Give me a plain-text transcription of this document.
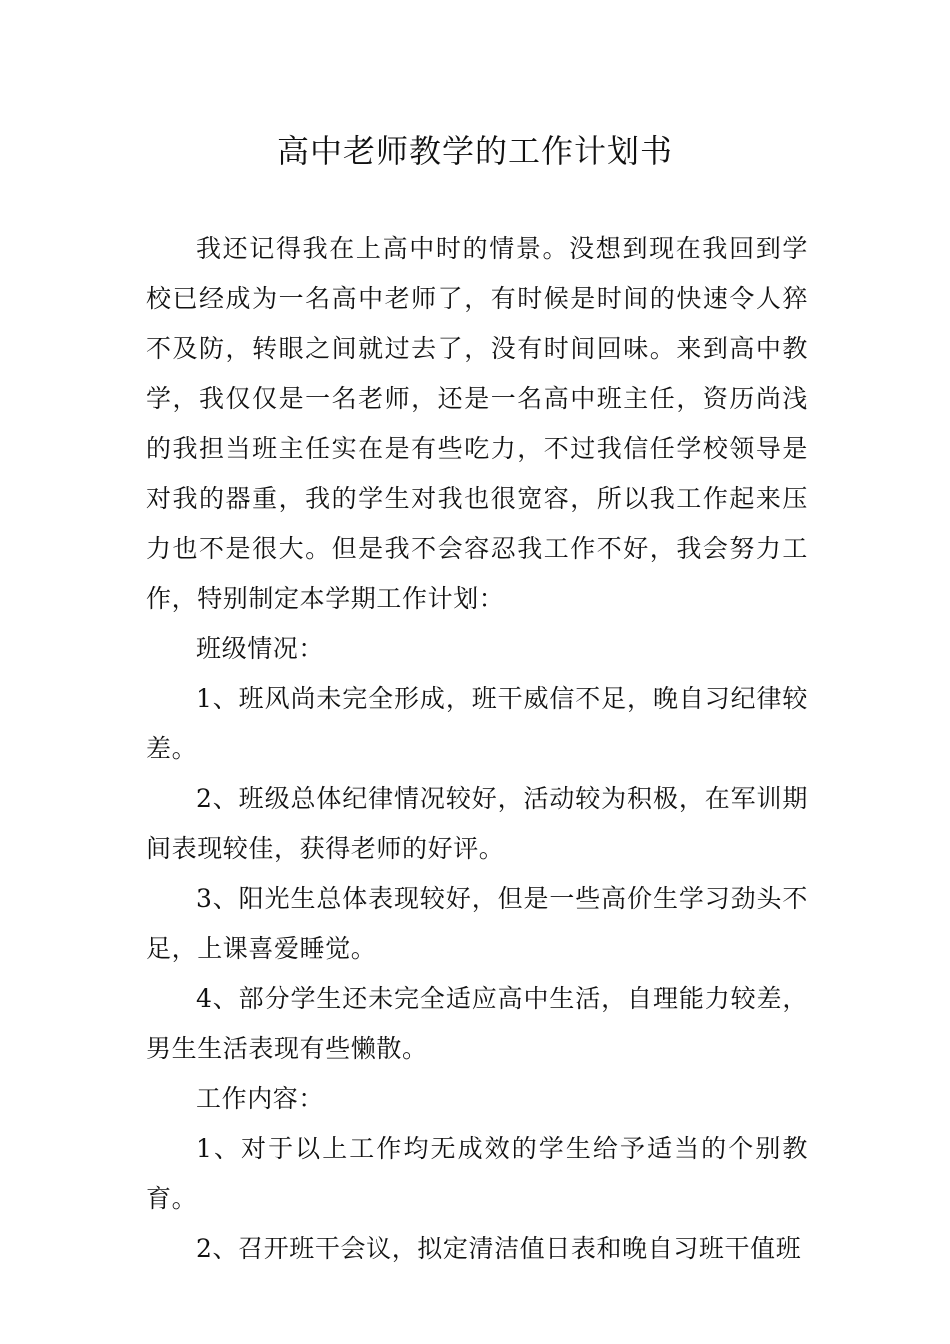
高中老师教学的工作计划书

我还记得我在上高中时的情景。没想到现在我回到学校已经成为一名高中老师了，有时候是时间的快速令人猝不及防，转眼之间就过去了，没有时间回味。来到高中教学，我仅仅是一名老师，还是一名高中班主任，资历尚浅的我担当班主任实在是有些吃力，不过我信任学校领导是对我的器重，我的学生对我也很宽容，所以我工作起来压力也不是很大。但是我不会容忍我工作不好，我会努力工作，特别制定本学期工作计划：

班级情况：

1、班风尚未完全形成，班干威信不足，晚自习纪律较差。

2、班级总体纪律情况较好，活动较为积极，在军训期间表现较佳，获得老师的好评。

3、阳光生总体表现较好，但是一些高价生学习劲头不足，上课喜爱睡觉。

4、部分学生还未完全适应高中生活，自理能力较差，男生生活表现有些懒散。

工作内容：

1、对于以上工作均无成效的学生给予适当的个别教育。

2、召开班干会议，拟定清洁值日表和晚自习班干值班
